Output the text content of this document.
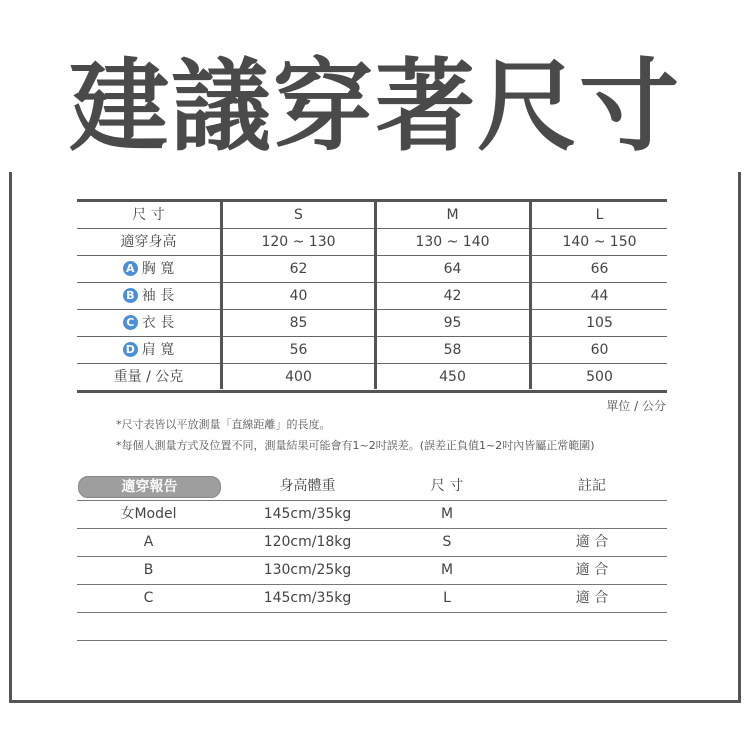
建議穿著尺寸
尺 寸	S	M	L
適穿身高	120 ~ 130	130 ~ 140	140 ~ 150
A 胸 寬	62	64	66
B 袖 長	40	42	44
C 衣 長	85	95	105
D 肩 寬	56	58	60
重量 / 公克	400	450	500
單位 / 公分
*尺寸表皆以平放測量「直線距離」的長度。
*每個人測量方式及位置不同，測量結果可能會有1~2吋誤差。(誤差正負值1~2吋內皆屬正常範圍)
適穿報告	身高體重	尺 寸	註記
女Model	145cm/35kg	M
A	120cm/18kg	S	適 合
B	130cm/25kg	M	適 合
C	145cm/35kg	L	適 合
